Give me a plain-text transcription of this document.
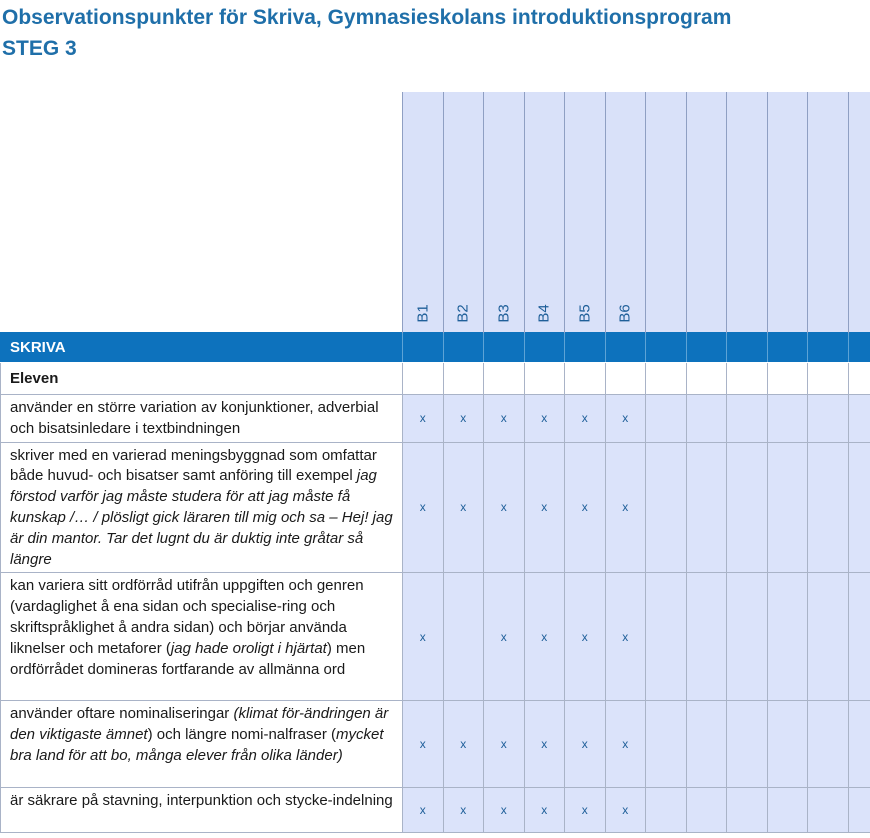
Observationspunkter för Skriva, Gymnasieskolans introduktionsprogram
STEG 3
	B1	B2	B3	B4	B5	B6						
SKRIVA												
Eleven												
använder en större variation av konjunktioner, adverbial och bisatsinledare i textbindningen	x	x	x	x	x	x						
skriver med en varierad meningsbyggnad som omfattar både huvud- och bisatser samt anföring till exempel jag förstod varför jag måste studera för att jag måste få kunskap /… / plösligt gick läraren till mig och sa – Hej! jag är din mantor. Tar det lugnt du är duktig inte gråtar så längre	x	x	x	x	x	x						
kan variera sitt ordförråd utifrån uppgiften och genren (vardaglighet å ena sidan och specialise-ring och skriftspråklighet å andra sidan) och börjar använda liknelser och metaforer (jag hade oroligt i hjärtat) men ordförrådet domineras fortfarande av allmänna ord	x		x	x	x	x						
använder oftare nominaliseringar (klimat för-ändringen är den viktigaste ämnet) och längre nomi-nalfraser (mycket bra land för att bo, många elever från olika länder)	x	x	x	x	x	x						
är säkrare på stavning, interpunktion och stycke-indelning	x	x	x	x	x	x						
